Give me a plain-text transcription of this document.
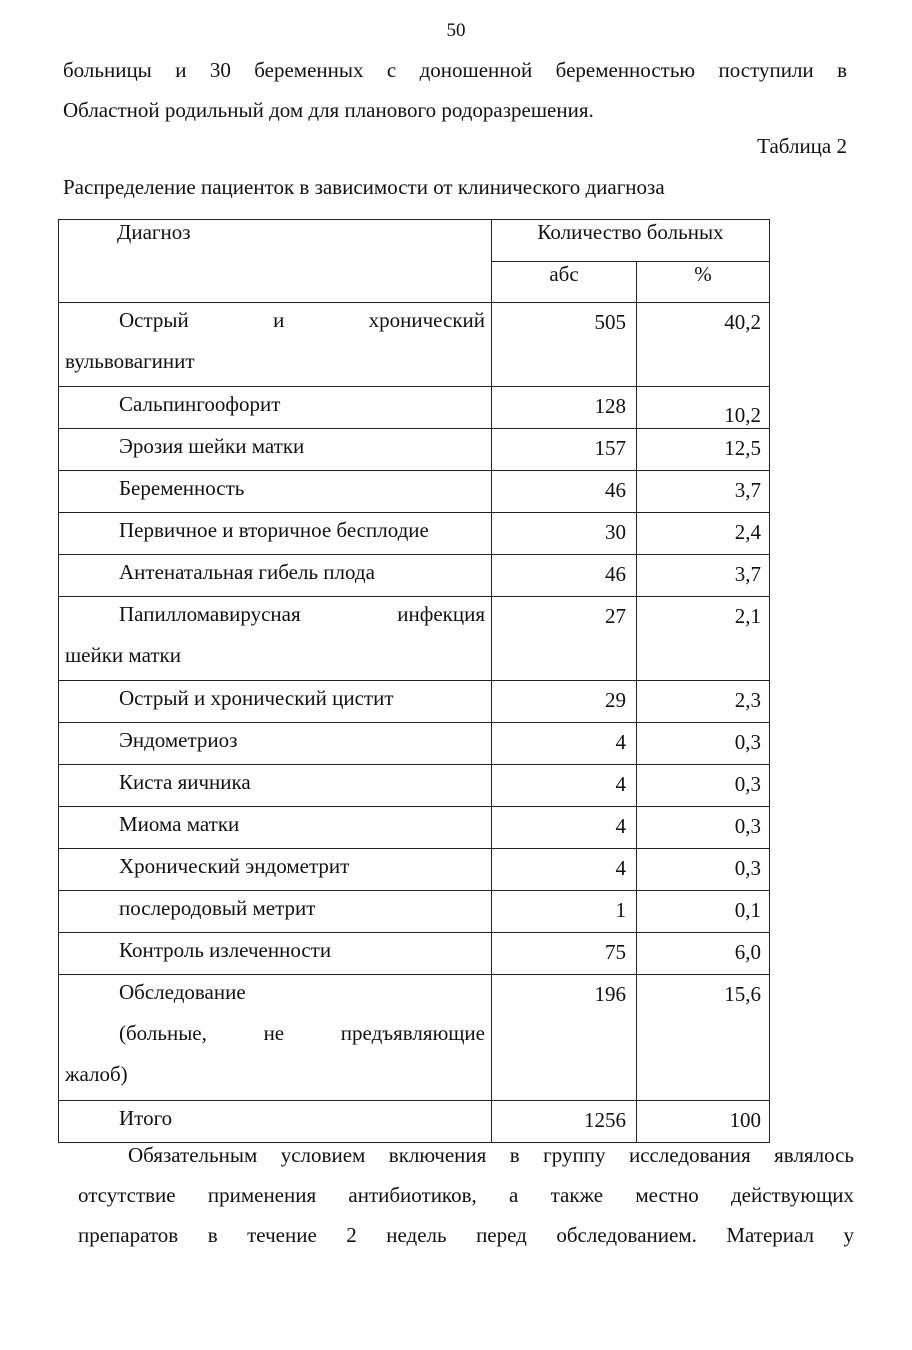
50
больницы и 30 беременных с доношенной беременностью поступили в
Областной родильный дом для планового родоразрешения.
Таблица 2
Распределение пациенток в зависимости от клинического диагноза
Диагноз	Количество больных	
	абс	%

Острый и хронический
вульвовагинит	505	40,2
Сальпингоофорит	128	10,2
Эрозия шейки матки	157	12,5
Беременность	46	3,7
Первичное и вторичное бесплодие	30	2,4
Антенатальная гибель плода	46	3,7

Папилломавирусная инфекция
шейки матки	27	2,1
Острый и хронический цистит	29	2,3
Эндометриоз	4	0,3
Киста яичника	4	0,3
Миома матки	4	0,3
Хронический эндометрит	4	0,3
послеродовый метрит	1	0,1
Контроль излеченности	75	6,0

Обследование
(больные, не предъявляющие
жалоб)	196	15,6
Итого	1256	100
Обязательным условием включения в группу исследования являлось
отсутствие применения антибиотиков, а также местно действующих
препаратов в течение 2 недель перед обследованием. Материал у
